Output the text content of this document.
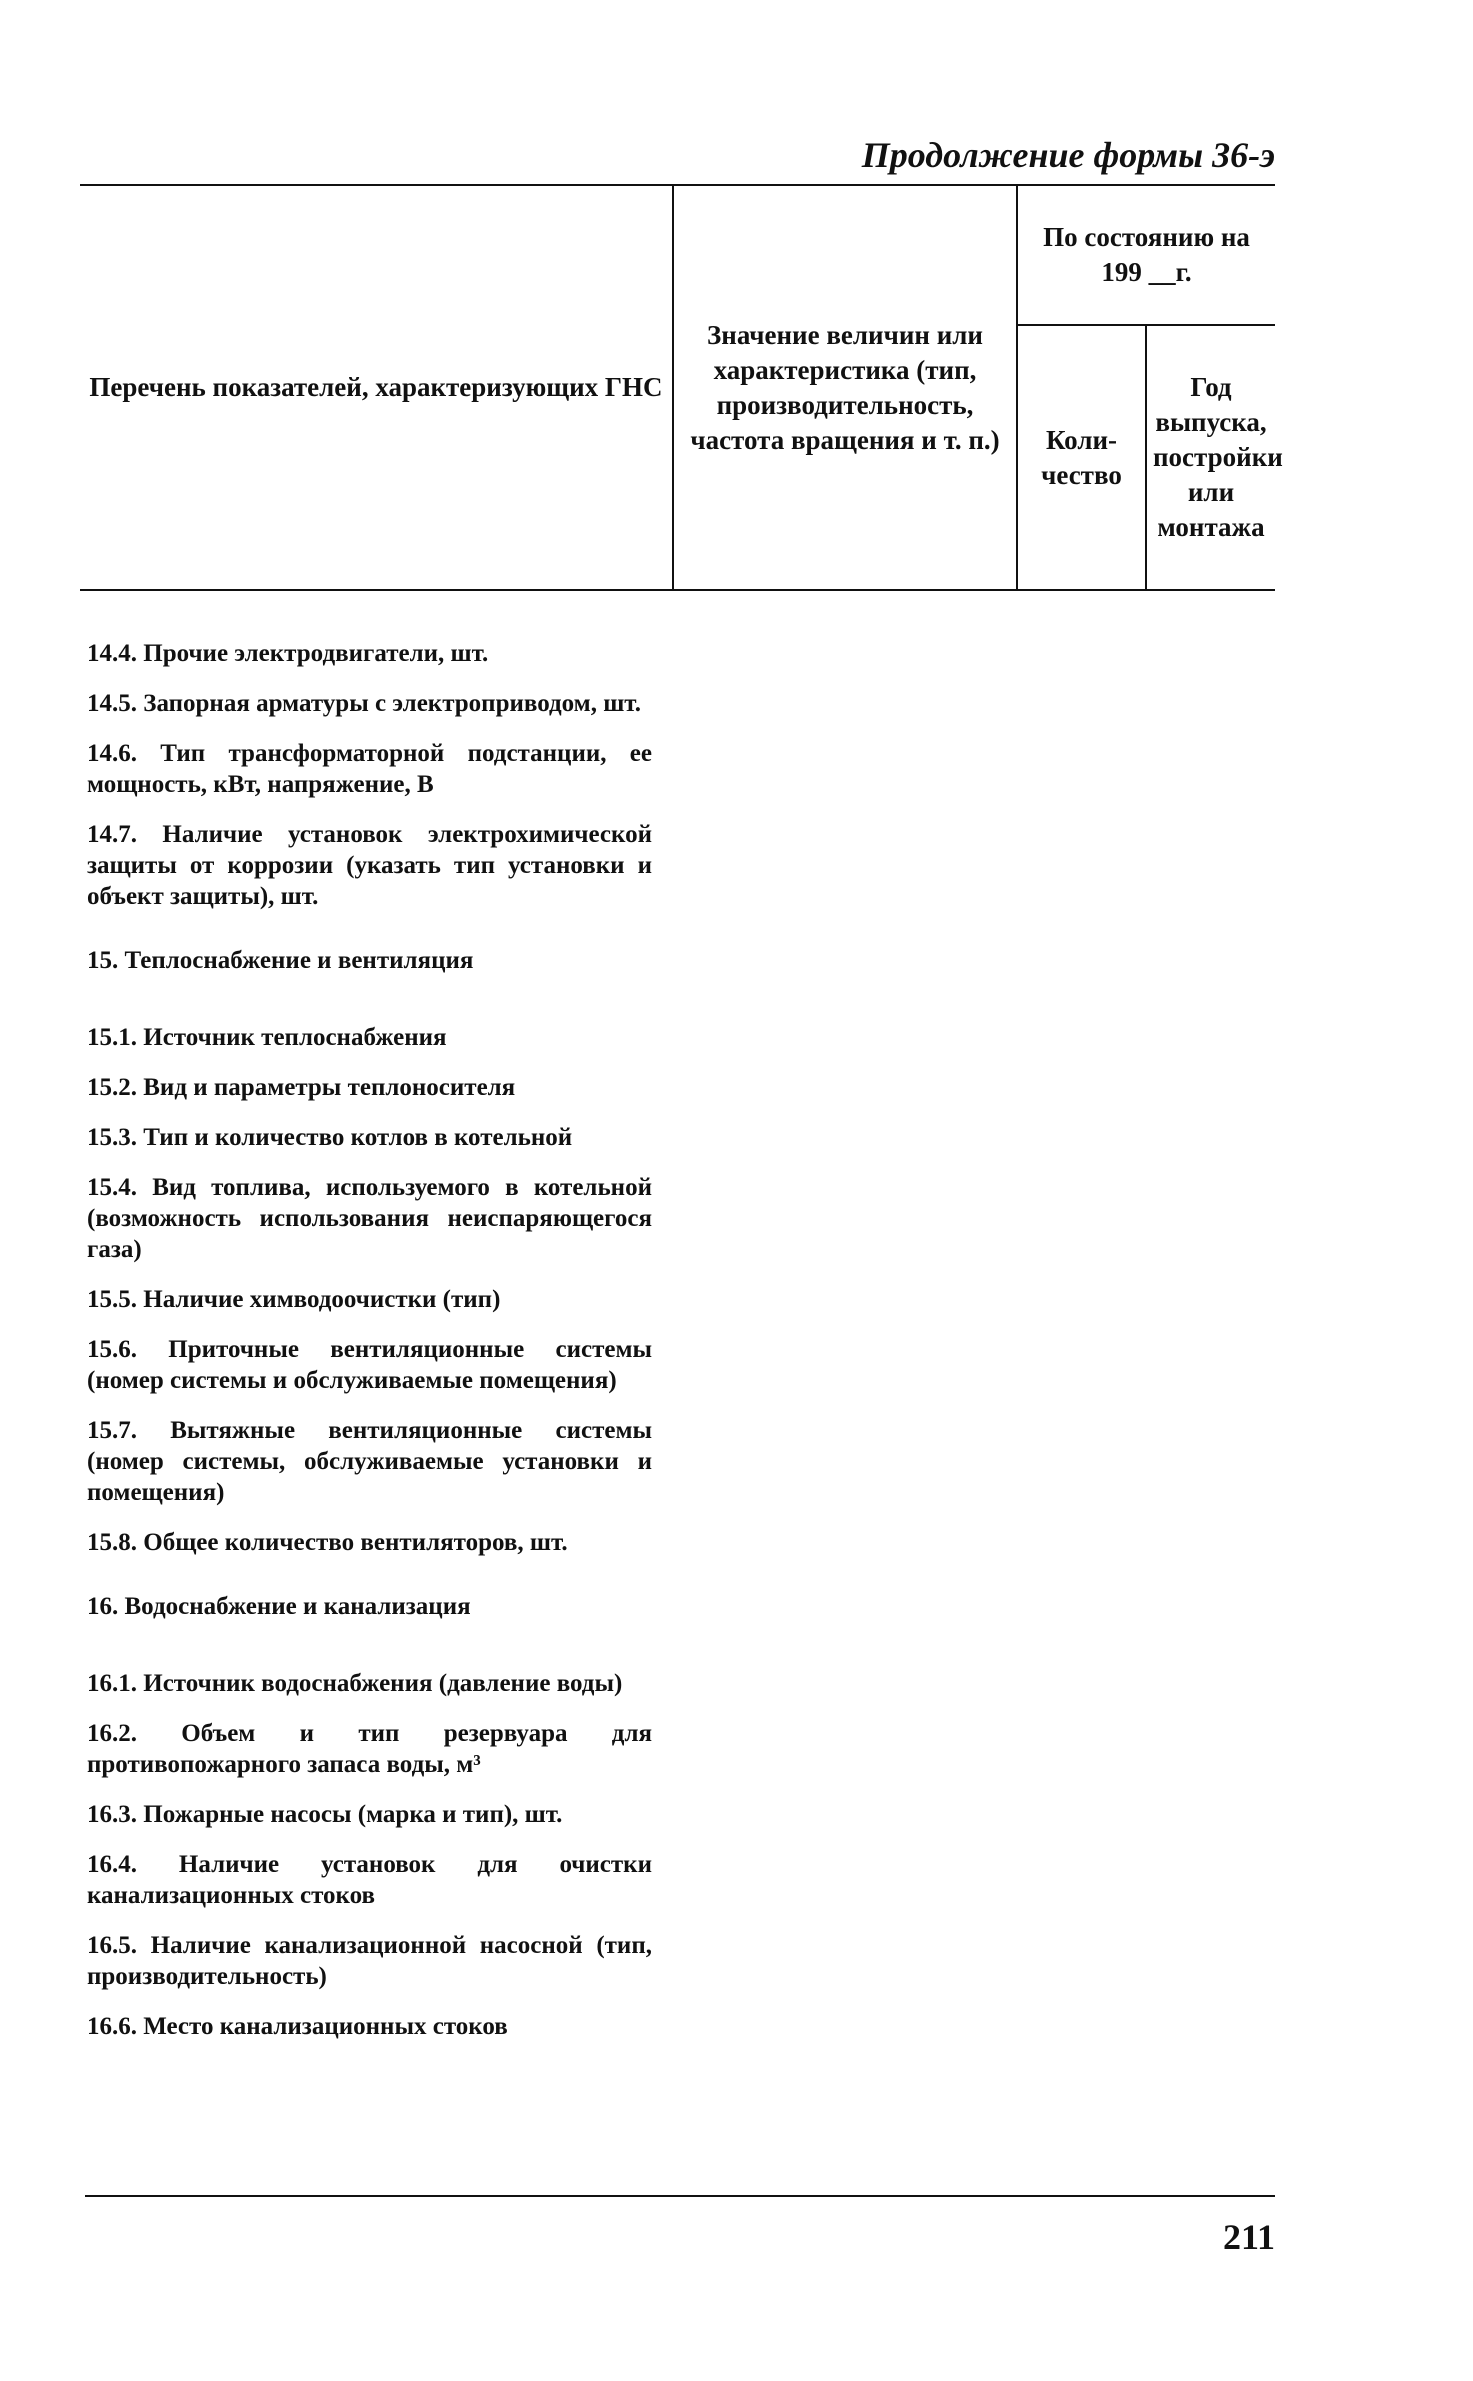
Продолжение формы 36-э

Перечень показателей, характеризующих ГНС	Значение величин или характеристика (тип, производительность, частота вращения и т. п.)	По состоянию на 199 __г.	
		Коли- чество	Год выпуска, постройки или монтажа

14.4. Прочие электродвигатели, шт.

14.5. Запорная арматуры с электроприводом, шт.

14.6. Тип трансформаторной подстанции, ее мощность, кВт, напряжение, В

14.7. Наличие установок электрохимической защиты от коррозии (указать тип установки и объект защиты), шт.

15. Теплоснабжение и вентиляция

15.1. Источник теплоснабжения

15.2. Вид и параметры теплоносителя

15.3. Тип и количество котлов в котельной

15.4. Вид топлива, используемого в котельной (возможность использования неиспаряющегося газа)

15.5. Наличие химводоочистки (тип)

15.6. Приточные вентиляционные системы (номер системы и обслуживаемые помещения)

15.7. Вытяжные вентиляционные системы (номер системы, обслуживаемые установки и помещения)

15.8. Общее количество вентиляторов, шт.

16. Водоснабжение и канализация

16.1. Источник водоснабжения (давление воды)

16.2. Объем и тип резервуара для противопожарного запаса воды, м³

16.3. Пожарные насосы (марка и тип), шт.

16.4. Наличие установок для очистки канализационных стоков

16.5. Наличие канализационной насосной (тип, производительность)

16.6. Место канализационных стоков

211
